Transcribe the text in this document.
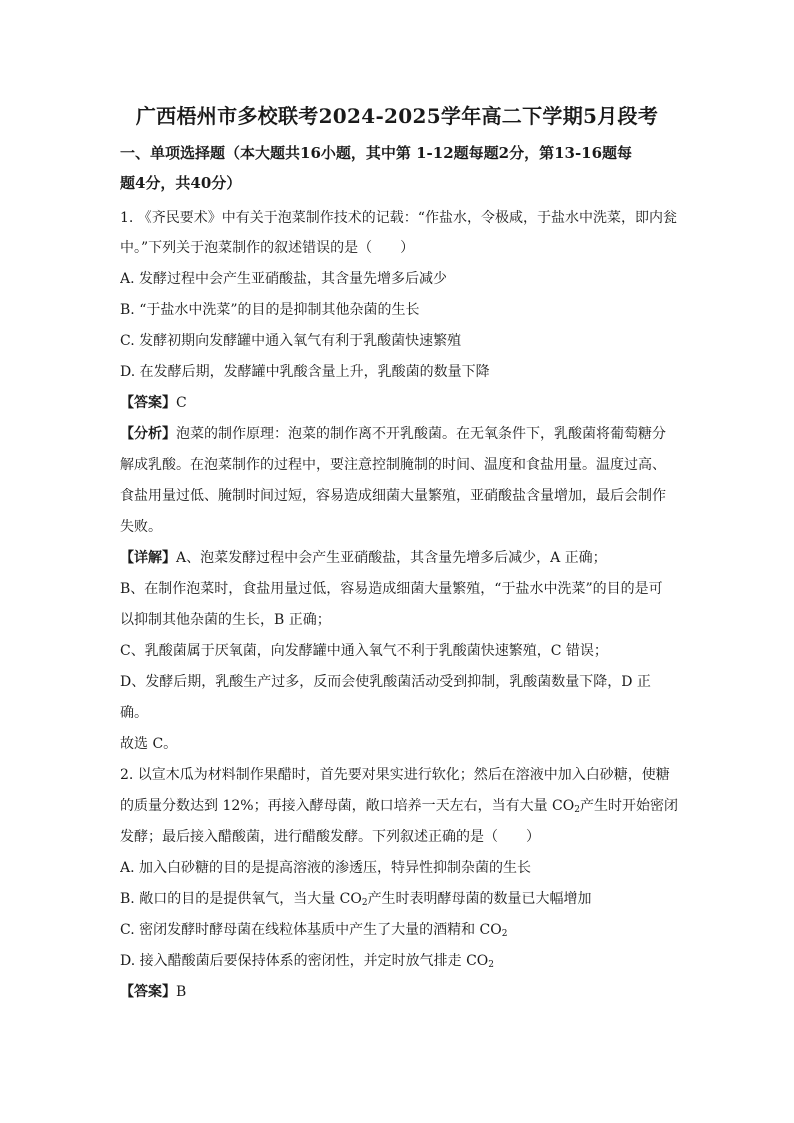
广西梧州市多校联考2024-2025学年高二下学期5月段考
一、单项选择题（本大题共16小题，其中第 1-12题每题2分，第13-16题每
题4分，共40分）
1. 《齐民要术》中有关于泡菜制作技术的记载：“作盐水，令极咸，于盐水中洗菜，即内瓮
中。”下列关于泡菜制作的叙述错误的是（　　）
A. 发酵过程中会产生亚硝酸盐，其含量先增多后减少
B. “于盐水中洗菜”的目的是抑制其他杂菌的生长
C. 发酵初期向发酵罐中通入氧气有利于乳酸菌快速繁殖
D. 在发酵后期，发酵罐中乳酸含量上升，乳酸菌的数量下降
【答案】C
【分析】泡菜的制作原理：泡菜的制作离不开乳酸菌。在无氧条件下，乳酸菌将葡萄糖分
解成乳酸。在泡菜制作的过程中，要注意控制腌制的时间、温度和食盐用量。温度过高、
食盐用量过低、腌制时间过短，容易造成细菌大量繁殖，亚硝酸盐含量增加，最后会制作
失败。
【详解】A、泡菜发酵过程中会产生亚硝酸盐，其含量先增多后减少，A 正确；
B、在制作泡菜时，食盐用量过低，容易造成细菌大量繁殖，“于盐水中洗菜”的目的是可
以抑制其他杂菌的生长，B 正确；
C、乳酸菌属于厌氧菌，向发酵罐中通入氧气不利于乳酸菌快速繁殖，C 错误；
D、发酵后期，乳酸生产过多，反而会使乳酸菌活动受到抑制，乳酸菌数量下降，D 正
确。
故选 C。
2. 以宣木瓜为材料制作果醋时，首先要对果实进行软化；然后在溶液中加入白砂糖，使糖
的质量分数达到 12%；再接入酵母菌，敞口培养一天左右，当有大量 $CO_2$产生时开始密闭
发酵；最后接入醋酸菌，进行醋酸发酵。下列叙述正确的是（　　）
A. 加入白砂糖的目的是提高溶液的渗透压，特异性抑制杂菌的生长
B. 敞口的目的是提供氧气，当大量 $CO_2$产生时表明酵母菌的数量已大幅增加
C. 密闭发酵时酵母菌在线粒体基质中产生了大量的酒精和 $CO_2$
D. 接入醋酸菌后要保持体系的密闭性，并定时放气排走 $CO_2$
【答案】B
